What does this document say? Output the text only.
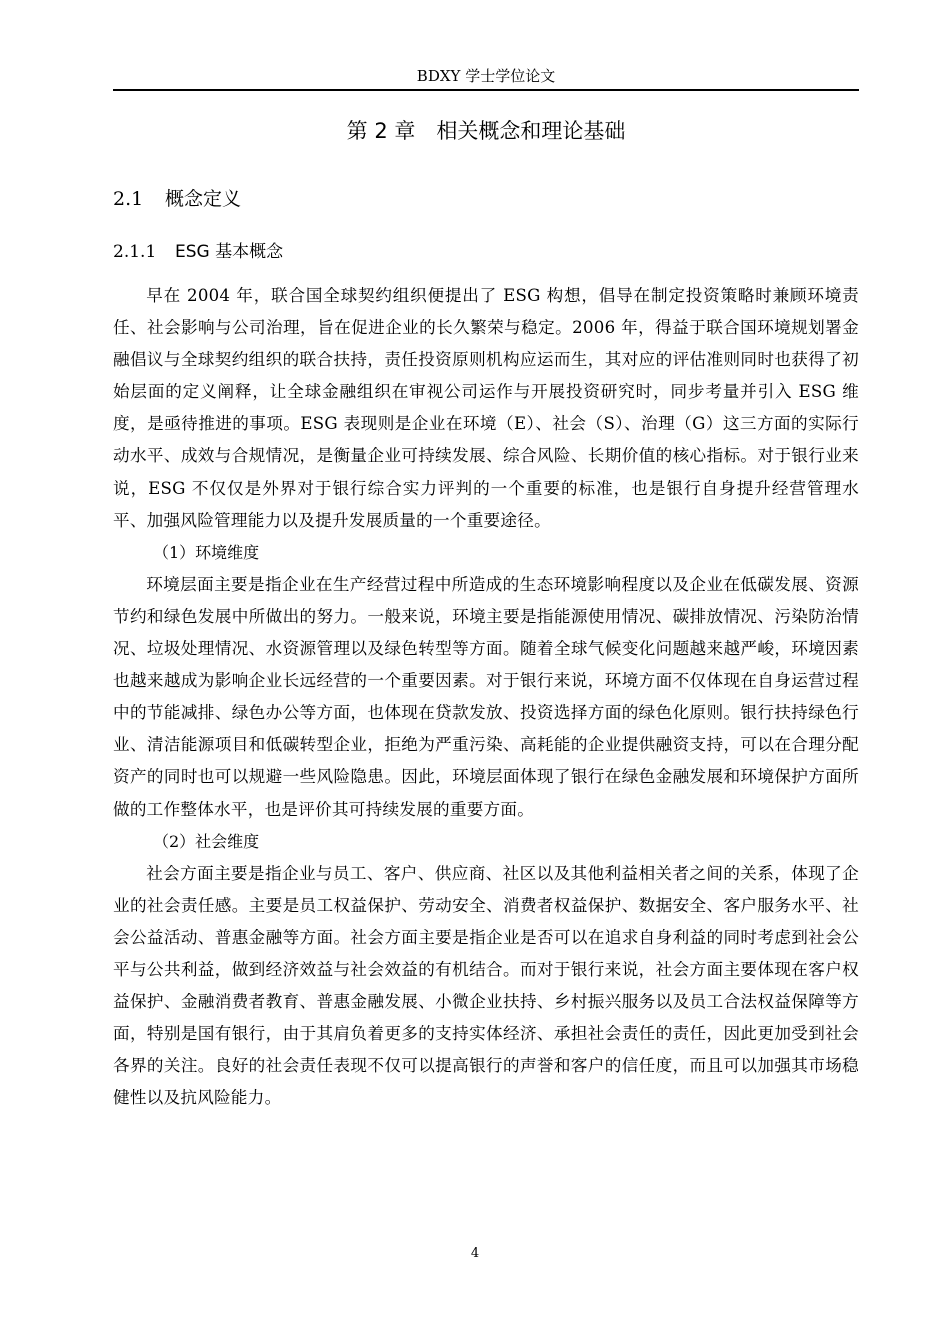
BDXY 学士学位论文
第 2 章　相关概念和理论基础
2.1 概念定义
2.1.1 ESG 基本概念

早在 2004 年，联合国全球契约组织便提出了 ESG 构想，倡导在制定投资策略时兼顾环境责任、社会影响与公司治理，旨在促进企业的长久繁荣与稳定。2006 年，得益于联合国环境规划署金融倡议与全球契约组织的联合扶持，责任投资原则机构应运而生，其对应的评估准则同时也获得了初始层面的定义阐释，让全球金融组织在审视公司运作与开展投资研究时，同步考量并引入 ESG 维度，是亟待推进的事项。ESG 表现则是企业在环境（E）、社会（S）、治理（G）这三方面的实际行动水平、成效与合规情况，是衡量企业可持续发展、综合风险、长期价值的核心指标。对于银行业来说，ESG 不仅仅是外界对于银行综合实力评判的一个重要的标准，也是银行自身提升经营管理水平、加强风险管理能力以及提升发展质量的一个重要途径。

（1）环境维度

环境层面主要是指企业在生产经营过程中所造成的生态环境影响程度以及企业在低碳发展、资源节约和绿色发展中所做出的努力。一般来说，环境主要是指能源使用情况、碳排放情况、污染防治情况、垃圾处理情况、水资源管理以及绿色转型等方面。随着全球气候变化问题越来越严峻，环境因素也越来越成为影响企业长远经营的一个重要因素。对于银行来说，环境方面不仅体现在自身运营过程中的节能减排、绿色办公等方面，也体现在贷款发放、投资选择方面的绿色化原则。银行扶持绿色行业、清洁能源项目和低碳转型企业，拒绝为严重污染、高耗能的企业提供融资支持，可以在合理分配资产的同时也可以规避一些风险隐患。因此，环境层面体现了银行在绿色金融发展和环境保护方面所做的工作整体水平，也是评价其可持续发展的重要方面。

（2）社会维度

社会方面主要是指企业与员工、客户、供应商、社区以及其他利益相关者之间的关系，体现了企业的社会责任感。主要是员工权益保护、劳动安全、消费者权益保护、数据安全、客户服务水平、社会公益活动、普惠金融等方面。社会方面主要是指企业是否可以在追求自身利益的同时考虑到社会公平与公共利益，做到经济效益与社会效益的有机结合。而对于银行来说，社会方面主要体现在客户权益保护、金融消费者教育、普惠金融发展、小微企业扶持、乡村振兴服务以及员工合法权益保障等方面，特别是国有银行，由于其肩负着更多的支持实体经济、承担社会责任的责任，因此更加受到社会各界的关注。良好的社会责任表现不仅可以提高银行的声誉和客户的信任度，而且可以加强其市场稳健性以及抗风险能力。

4
